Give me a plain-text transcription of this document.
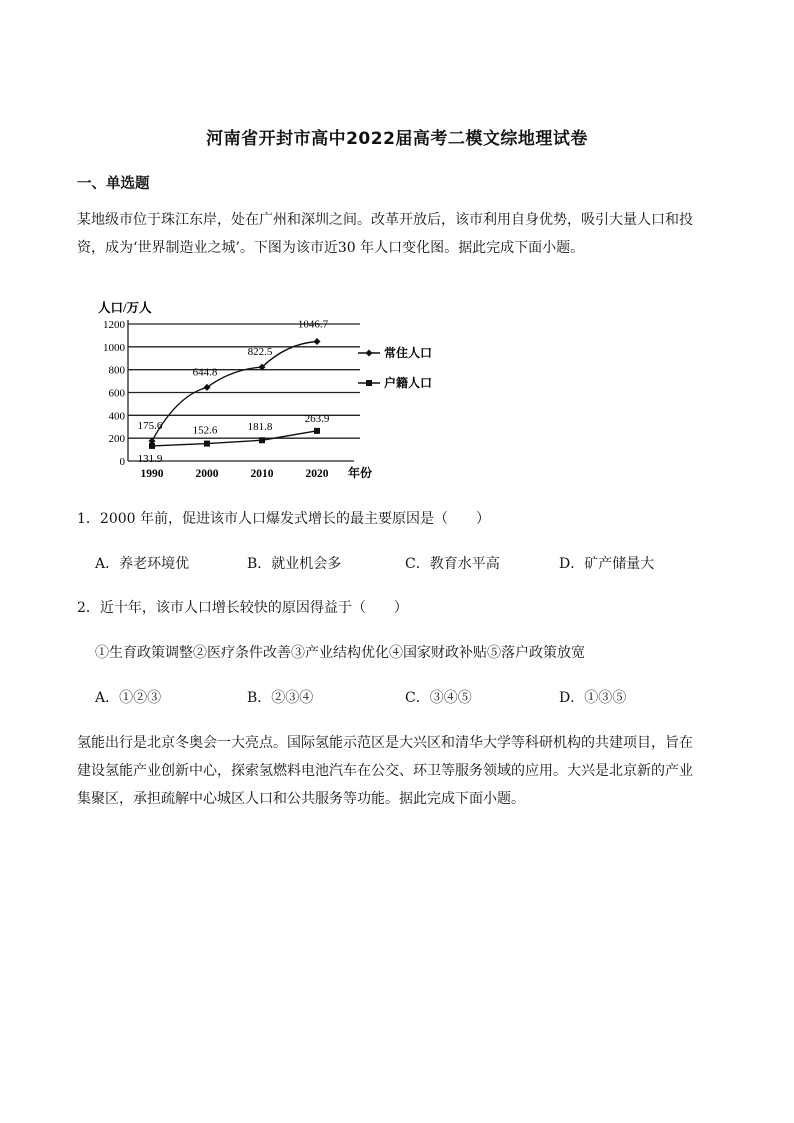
河南省开封市高中2022届高考二模文综地理试卷
一、单选题
某地级市位于珠江东岸，处在广州和深圳之间。改革开放后，该市利用自身优势，吸引大量人口和投
资，成为‘世界制造业之城’。下图为该市近30 年人口变化图。据此完成下面小题。
0
200
400
600
800
1000
1200
人口/万人
年份
1990	2000	2010	2020
175.6
644.8
822.5
1046.7
131.9
152.6	181.8
263.9
常住人口
户籍人口
1．2000 年前，促进该市人口爆发式增长的最主要原因是（　　）
A．养老环境优	B．就业机会多	C．教育水平高	D．矿产储量大
2．近十年，该市人口增长较快的原因得益于（　　）
①生育政策调整②医疗条件改善③产业结构优化④国家财政补贴⑤落户政策放宽
A．①②③	B．②③④	C．③④⑤	D．①③⑤
氢能出行是北京冬奥会一大亮点。国际氢能示范区是大兴区和清华大学等科研机构的共建项目，旨在
建设氢能产业创新中心，探索氢燃料电池汽车在公交、环卫等服务领域的应用。大兴是北京新的产业
集聚区，承担疏解中心城区人口和公共服务等功能。据此完成下面小题。
